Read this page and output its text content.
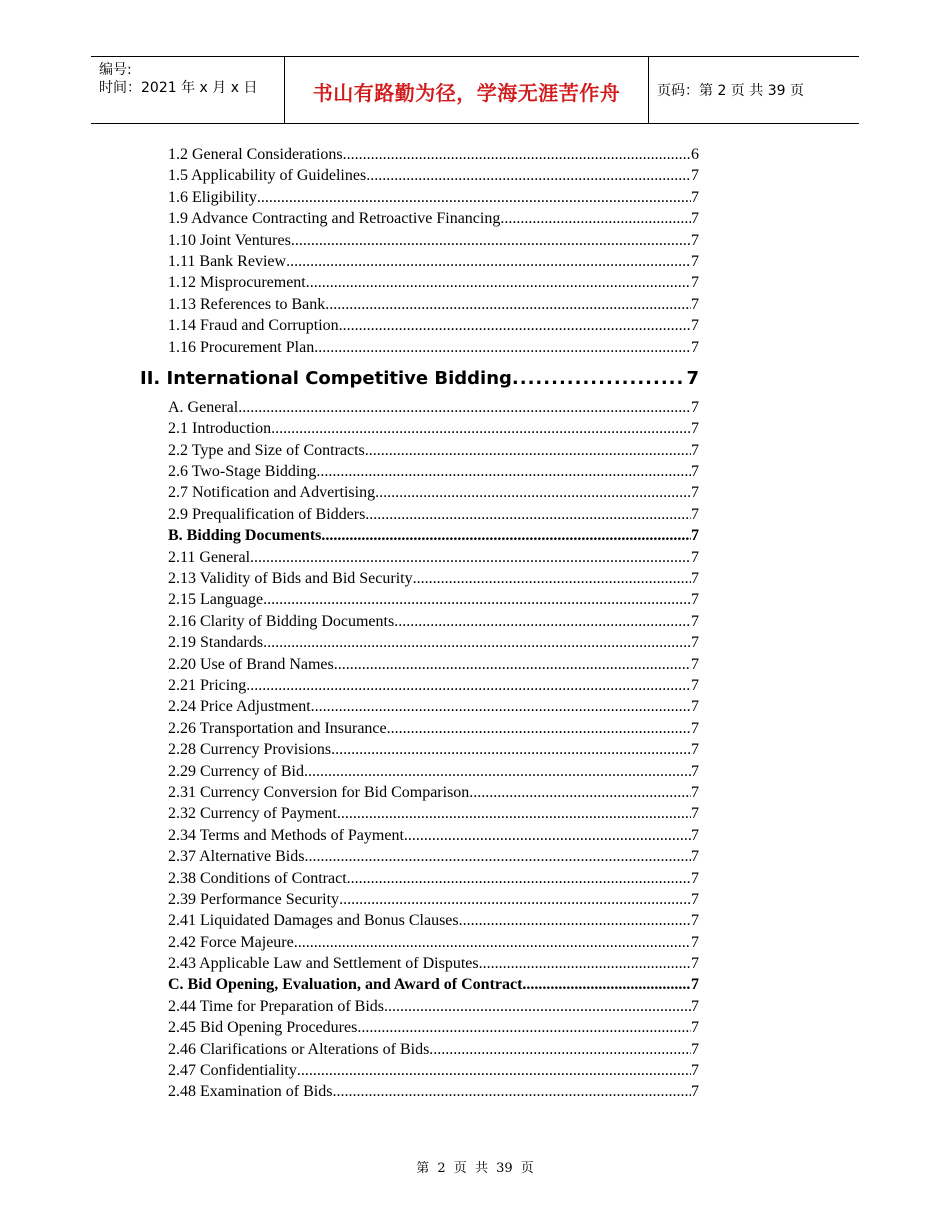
编号:
时间：2021 年 x 月 x 日	书山有路勤为径，学海无涯苦作舟	页码：第 2 页 共 39 页
1.2 General Considerations .....	6
1.5 Applicability of Guidelines .....	7
1.6 Eligibility .....	7
1.9 Advance Contracting and Retroactive Financing .....	7
1.10 Joint Ventures .....	7
1.11 Bank Review .....	7
1.12 Misprocurement .....	7
1.13 References to Bank .....	7
1.14 Fraud and Corruption .....	7
1.16 Procurement Plan .....	7
II. International Competitive Bidding .....	7
A. General .....	7
2.1 Introduction .....	7
2.2 Type and Size of Contracts .....	7
2.6 Two-Stage Bidding .....	7
2.7 Notification and Advertising .....	7
2.9 Prequalification of Bidders .....	7
B. Bidding Documents .....	7
2.11 General .....	7
2.13 Validity of Bids and Bid Security .....	7
2.15 Language .....	7
2.16 Clarity of Bidding Documents .....	7
2.19 Standards .....	7
2.20 Use of Brand Names .....	7
2.21 Pricing .....	7
2.24 Price Adjustment .....	7
2.26 Transportation and Insurance .....	7
2.28 Currency Provisions .....	7
2.29 Currency of Bid .....	7
2.31 Currency Conversion for Bid Comparison .....	7
2.32 Currency of Payment .....	7
2.34 Terms and Methods of Payment .....	7
2.37 Alternative Bids .....	7
2.38 Conditions of Contract .....	7
2.39 Performance Security .....	7
2.41 Liquidated Damages and Bonus Clauses .....	7
2.42 Force Majeure .....	7
2.43 Applicable Law and Settlement of Disputes .....	7
C. Bid Opening, Evaluation, and Award of Contract .....	7
2.44 Time for Preparation of Bids .....	7
2.45 Bid Opening Procedures .....	7
2.46 Clarifications or Alterations of Bids .....	7
2.47 Confidentiality .....	7
2.48 Examination of Bids .....	7
第 2 页 共 39 页
